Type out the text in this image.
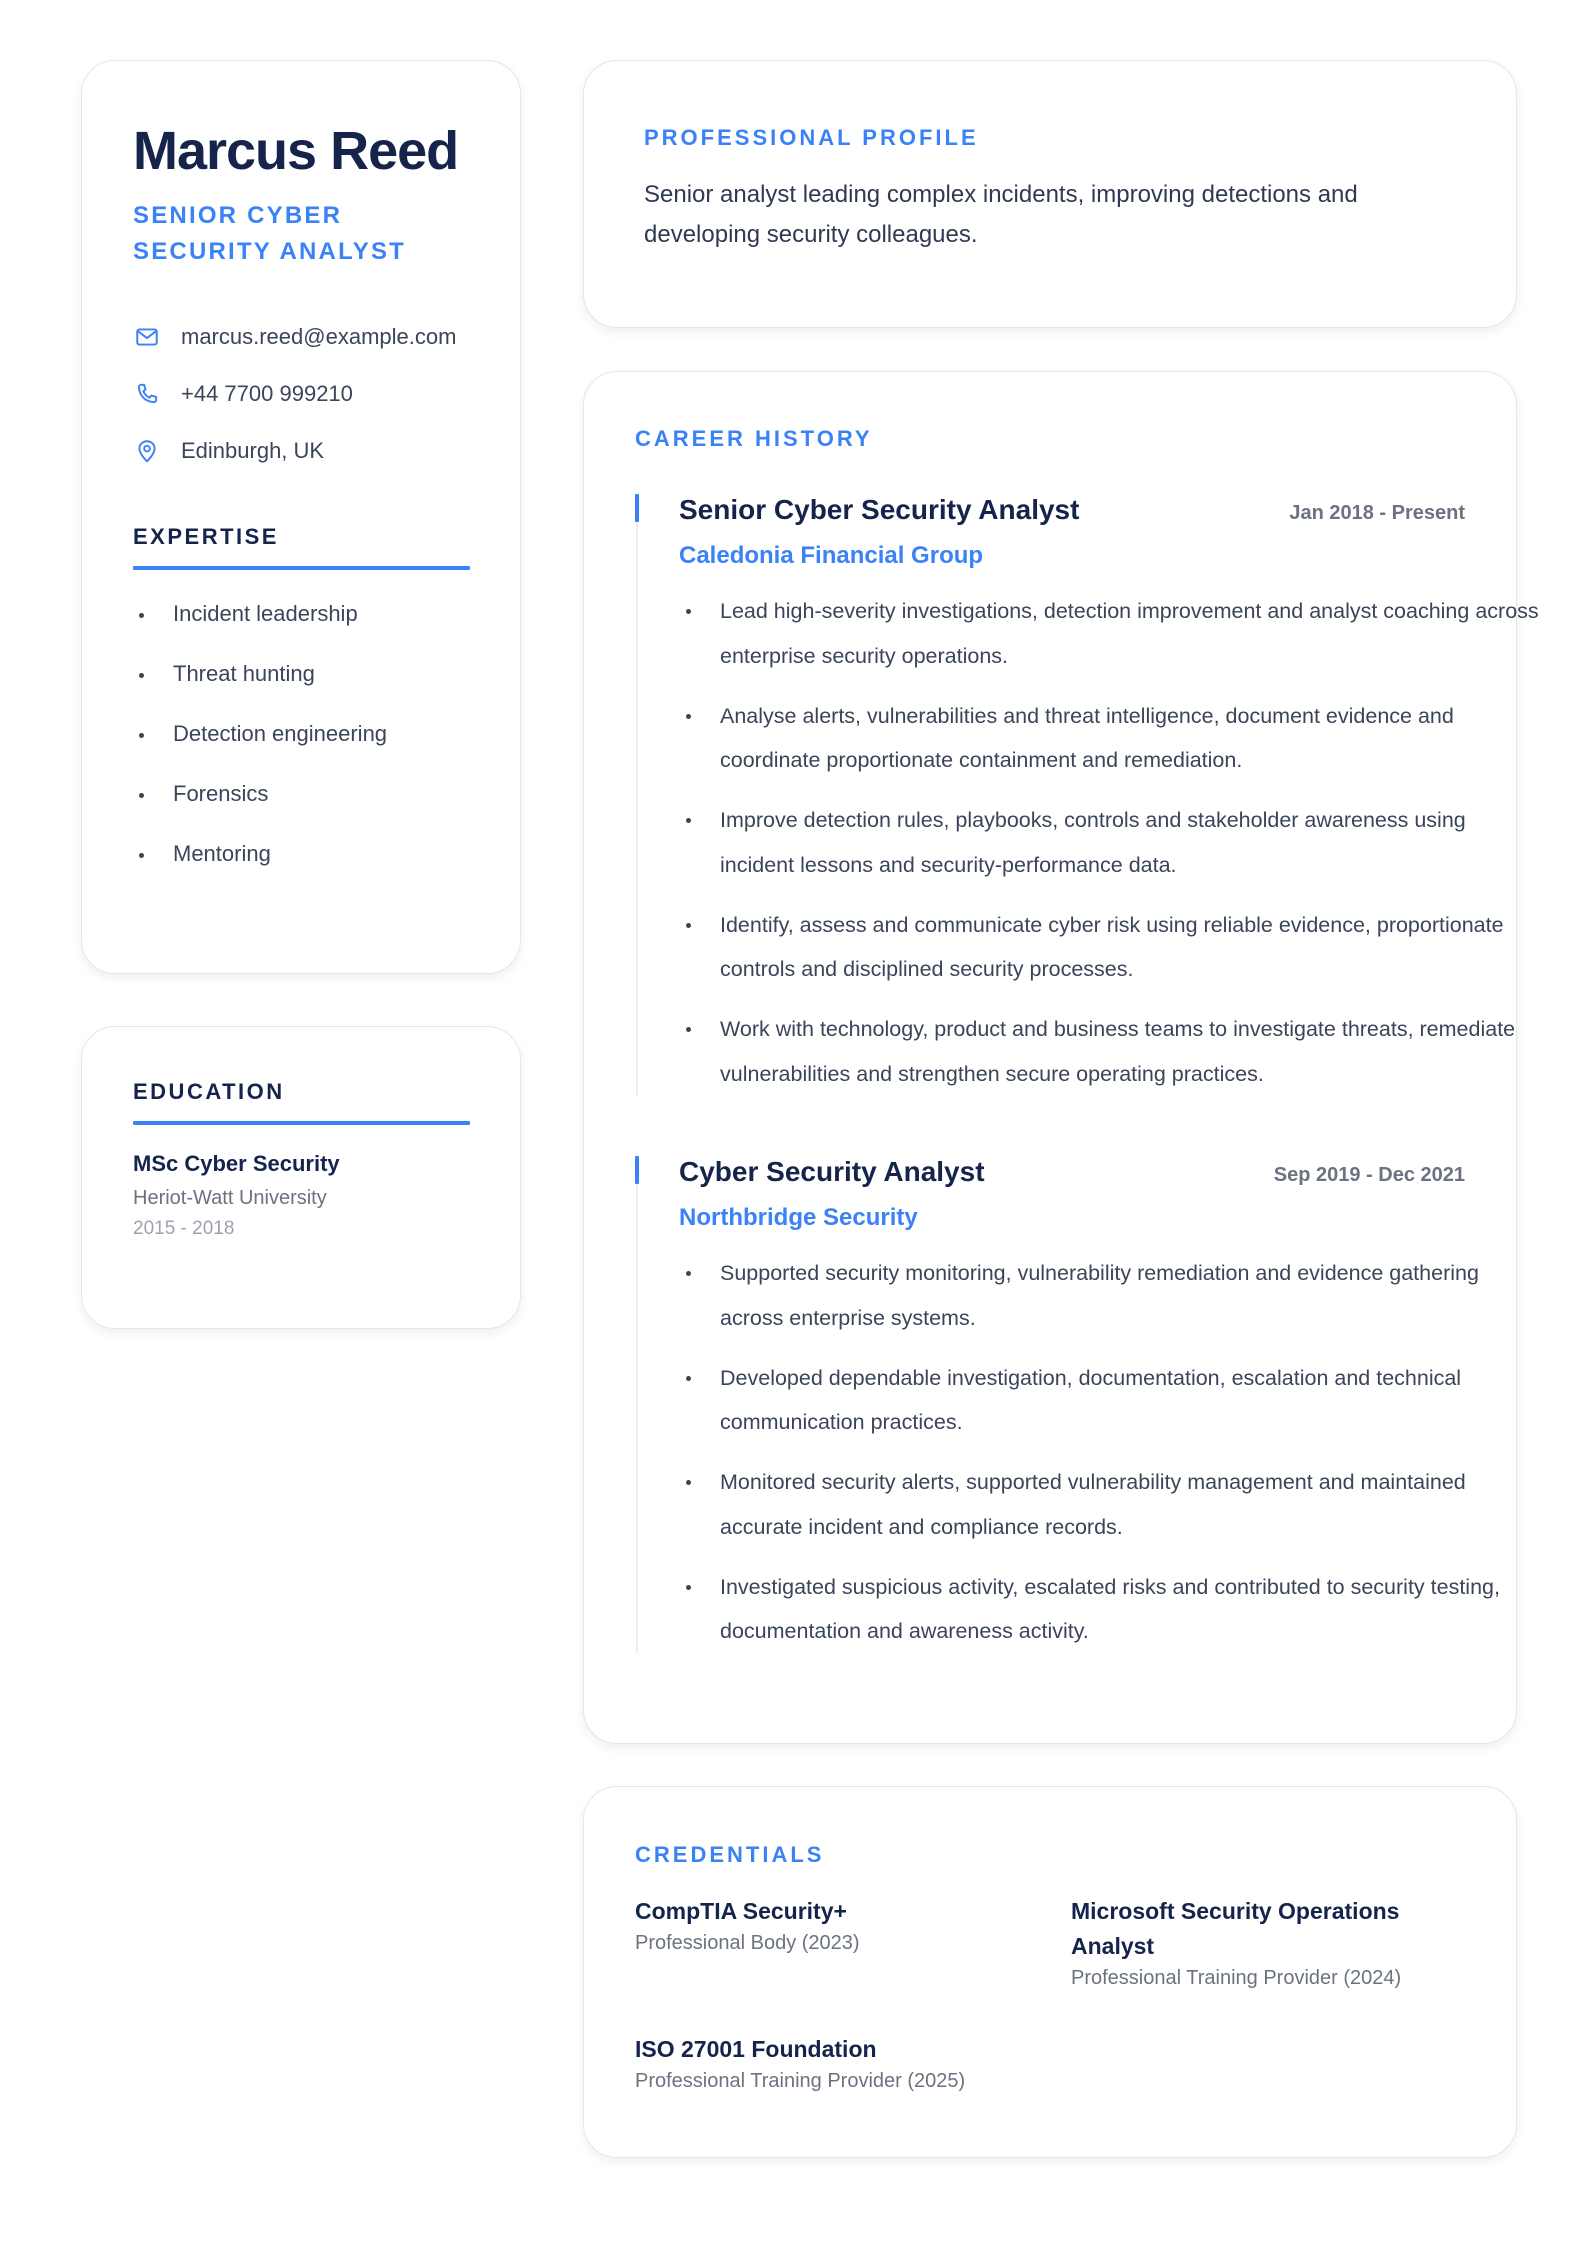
Marcus Reed
SENIOR CYBER SECURITY ANALYST
marcus.reed@example.com
+44 7700 999210
Edinburgh, UK
EXPERTISE
Incident leadership
Threat hunting
Detection engineering
Forensics
Mentoring
EDUCATION
MSc Cyber Security
Heriot-Watt University
2015 - 2018
PROFESSIONAL PROFILE

Senior analyst leading complex incidents, improving detections and developing security colleagues.

CAREER HISTORY
Senior Cyber Security Analyst	Jan 2018 - Present
Caledonia Financial Group
Lead high-severity investigations, detection improvement and analyst coaching across enterprise security operations.
Analyse alerts, vulnerabilities and threat intelligence, document evidence and coordinate proportionate containment and remediation.
Improve detection rules, playbooks, controls and stakeholder awareness using incident lessons and security-performance data.
Identify, assess and communicate cyber risk using reliable evidence, proportionate controls and disciplined security processes.
Work with technology, product and business teams to investigate threats, remediate vulnerabilities and strengthen secure operating practices.
Cyber Security Analyst	Sep 2019 - Dec 2021
Northbridge Security
Supported security monitoring, vulnerability remediation and evidence gathering across enterprise systems.
Developed dependable investigation, documentation, escalation and technical communication practices.
Monitored security alerts, supported vulnerability management and maintained accurate incident and compliance records.
Investigated suspicious activity, escalated risks and contributed to security testing, documentation and awareness activity.
CREDENTIALS
CompTIA Security+
Professional Body (2023)
Microsoft Security Operations Analyst
Professional Training Provider (2024)
ISO 27001 Foundation
Professional Training Provider (2025)
